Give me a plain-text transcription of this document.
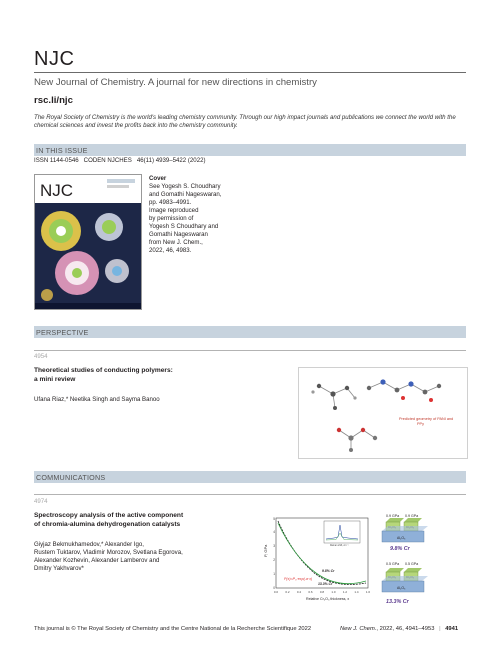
NJC
New Journal of Chemistry. A journal for new directions in chemistry
rsc.li/njc
The Royal Society of Chemistry is the world's leading chemistry community. Through our high impact journals and publications we connect the world with the chemical sciences and invest the profits back into the chemistry community.
IN THIS ISSUE
ISSN 1144-0546   CODEN NJCHES   46(11) 4939–5422 (2022)
NJC
Cover
See Yogesh S. Choudhary
and Gomathi Nageswaran,
pp. 4983–4991.
Image reproduced
by permission of
Yogesh S Choudhary and
Gomathi Nageswaran
from New J. Chem.,
2022, 46, 4983.
PERSPECTIVE
4954
Theoretical studies of conducting polymers:
a mini review
Ufana Riaz,* Neetika Singh and Sayma Banoo
Predicted geometry of PANI and
PPy
COMMUNICATIONS
4974
Spectroscopy analysis of the active component
of chromia-alumina dehydrogenation catalysts
Giyjaz Bekmukhamedov,* Alexander Igo,
Rustem Tuktarov, Vladimir Morozov, Svetlana Egorova,
Alexander Kozhevin, Alexander Lamberov and
Dmitry Yakhvarov*
P, GPa
0
1
2
3
4
5
0.0 0.2 0.4 0.6 0.8 1.0 1.2 1.4 1.6
Relative Cr₂O₃ thickness, x
Raman shift, cm⁻¹
9.8% Cr
P(x)=P₀·exp(-α·x)
13.3% Cr
0.9 GPa 0.9 GPa
Al₂O₃
9.8% Cr
0.5 GPa 0.5 GPa
Al₂O₃
13.3% Cr
This journal is © The Royal Society of Chemistry and the Centre National de la Recherche Scientifique 2022	New J. Chem., 2022, 46, 4941–4953 | 4941
